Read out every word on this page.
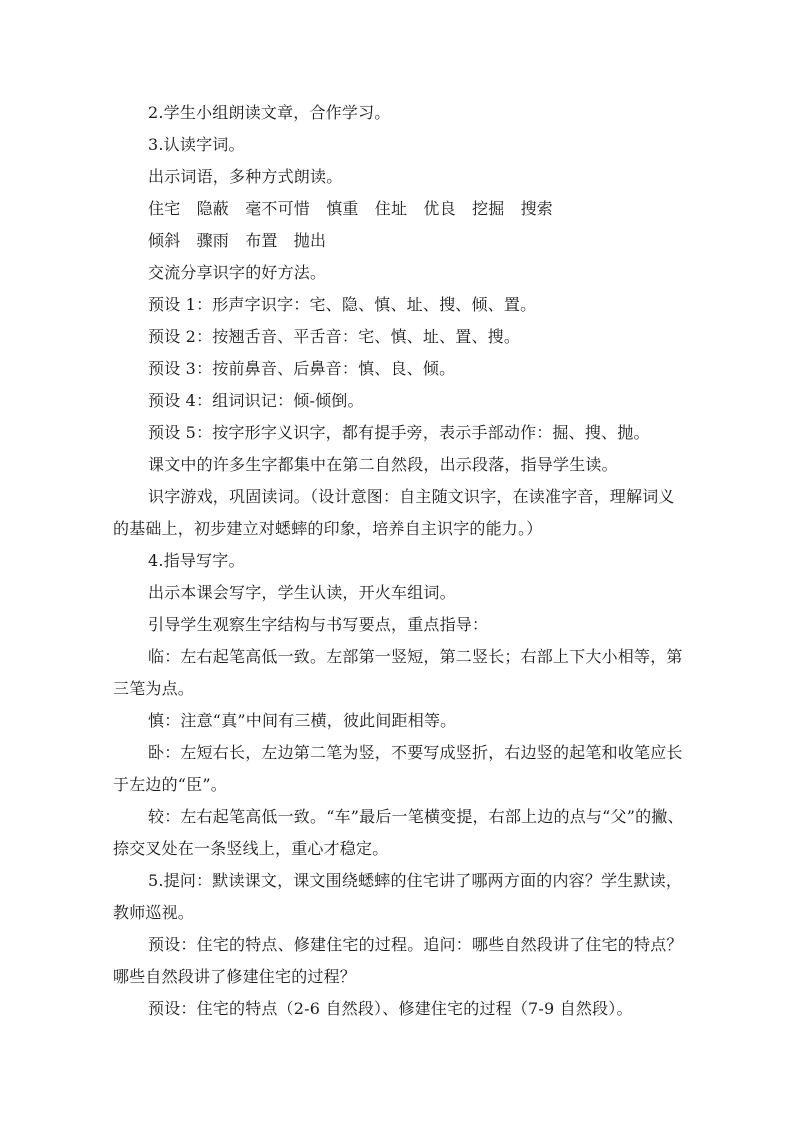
2.学生小组朗读文章，合作学习。
3.认读字词。
出示词语，多种方式朗读。
住宅　隐蔽　毫不可惜　慎重　住址　优良　挖掘　搜索
倾斜　骤雨　布置　抛出
交流分享识字的好方法。
预设 1：形声字识字：宅、隐、慎、址、搜、倾、置。
预设 2：按翘舌音、平舌音：宅、慎、址、置、搜。
预设 3：按前鼻音、后鼻音：慎、良、倾。
预设 4：组词识记：倾-倾倒。
预设 5：按字形字义识字，都有提手旁，表示手部动作：掘、搜、抛。
课文中的许多生字都集中在第二自然段，出示段落，指导学生读。
识字游戏，巩固读词。（设计意图：自主随文识字，在读准字音，理解词义的基础上，初步建立对蟋蟀的印象，培养自主识字的能力。）
4.指导写字。
出示本课会写字，学生认读，开火车组词。
引导学生观察生字结构与书写要点，重点指导：
临：左右起笔高低一致。左部第一竖短，第二竖长；右部上下大小相等，第三笔为点。
慎：注意“真”中间有三横，彼此间距相等。
卧：左短右长，左边第二笔为竖，不要写成竖折，右边竖的起笔和收笔应长于左边的“臣”。
较：左右起笔高低一致。“车”最后一笔横变提，右部上边的点与“父”的撇、捺交叉处在一条竖线上，重心才稳定。
5.提问：默读课文，课文围绕蟋蟀的住宅讲了哪两方面的内容？学生默读，教师巡视。
预设：住宅的特点、修建住宅的过程。追问：哪些自然段讲了住宅的特点？哪些自然段讲了修建住宅的过程？
预设：住宅的特点（2-6 自然段）、修建住宅的过程（7-9 自然段）。
